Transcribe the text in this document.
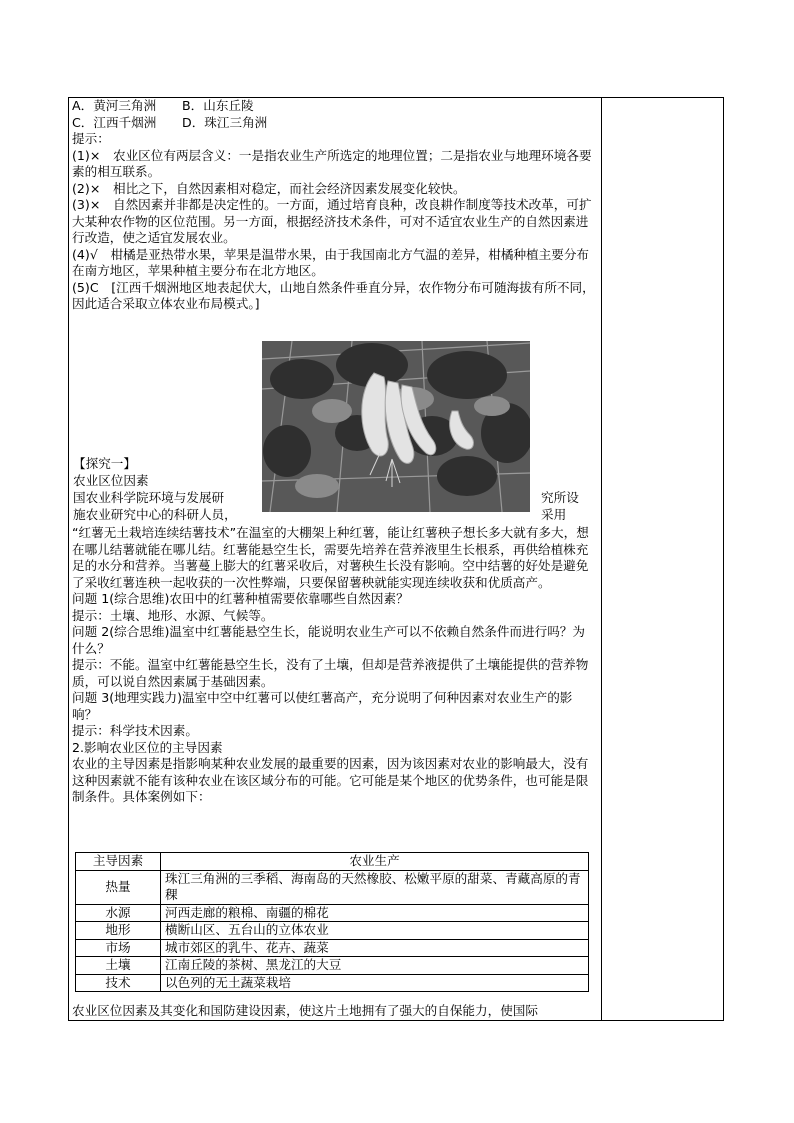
A．黄河三角洲 B．山东丘陵

C．江西千烟洲 D．珠江三角洲

提示：

(1)×　农业区位有两层含义：一是指农业生产所选定的地理位置；二是指农业与地理环境各要素的相互联系。

(2)×　相比之下，自然因素相对稳定，而社会经济因素发展变化较快。

(3)×　自然因素并非都是决定性的。一方面，通过培育良种，改良耕作制度等技术改革，可扩大某种农作物的区位范围。另一方面，根据经济技术条件，可对不适宜农业生产的自然因素进行改造，使之适宜发展农业。

(4)√　柑橘是亚热带水果，苹果是温带水果，由于我国南北方气温的差异，柑橘种植主要分布在南方地区，苹果种植主要分布在北方地区。

(5)C　[江西千烟洲地区地表起伏大，山地自然条件垂直分异，农作物分布可随海拔有所不同，因此适合采取立体农业布局模式。]

【探究一】
农业区位因素
国农业科学院环境与发展研	究所设
施农业研究中心的科研人员，	采用

“红薯无土栽培连续结薯技术”在温室的大棚架上种红薯，能让红薯秧子想长多大就有多大，想在哪儿结薯就能在哪儿结。红薯能悬空生长，需要先培养在营养液里生长根系，再供给植株充足的水分和营养。当薯蔓上膨大的红薯采收后，对薯秧生长没有影响。空中结薯的好处是避免了采收红薯连秧一起收获的一次性弊端，只要保留薯秧就能实现连续收获和优质高产。

问题 1(综合思维)农田中的红薯种植需要依靠哪些自然因素？

提示：土壤、地形、水源、气候等。

问题 2(综合思维)温室中红薯能悬空生长，能说明农业生产可以不依赖自然条件而进行吗？为什么？

提示：不能。温室中红薯能悬空生长，没有了土壤，但却是营养液提供了土壤能提供的营养物质，可以说自然因素属于基础因素。

问题 3(地理实践力)温室中空中红薯可以使红薯高产，充分说明了何种因素对农业生产的影响？

提示：科学技术因素。

2.影响农业区位的主导因素

农业的主导因素是指影响某种农业发展的最重要的因素，因为该因素对农业的影响最大，没有这种因素就不能有该种农业在该区域分布的可能。它可能是某个地区的优势条件，也可能是限制条件。具体案例如下：

主导因素	农业生产
热量	珠江三角洲的三季稻、海南岛的天然橡胶、松嫩平原的甜菜、青藏高原的青稞
水源	河西走廊的粮棉、南疆的棉花
地形	横断山区、五台山的立体农业
市场	城市郊区的乳牛、花卉、蔬菜
土壤	江南丘陵的茶树、黑龙江的大豆
技术	以色列的无土蔬菜栽培
农业区位因素及其变化和国防建设因素，使这片土地拥有了强大的自保能力，使国际
